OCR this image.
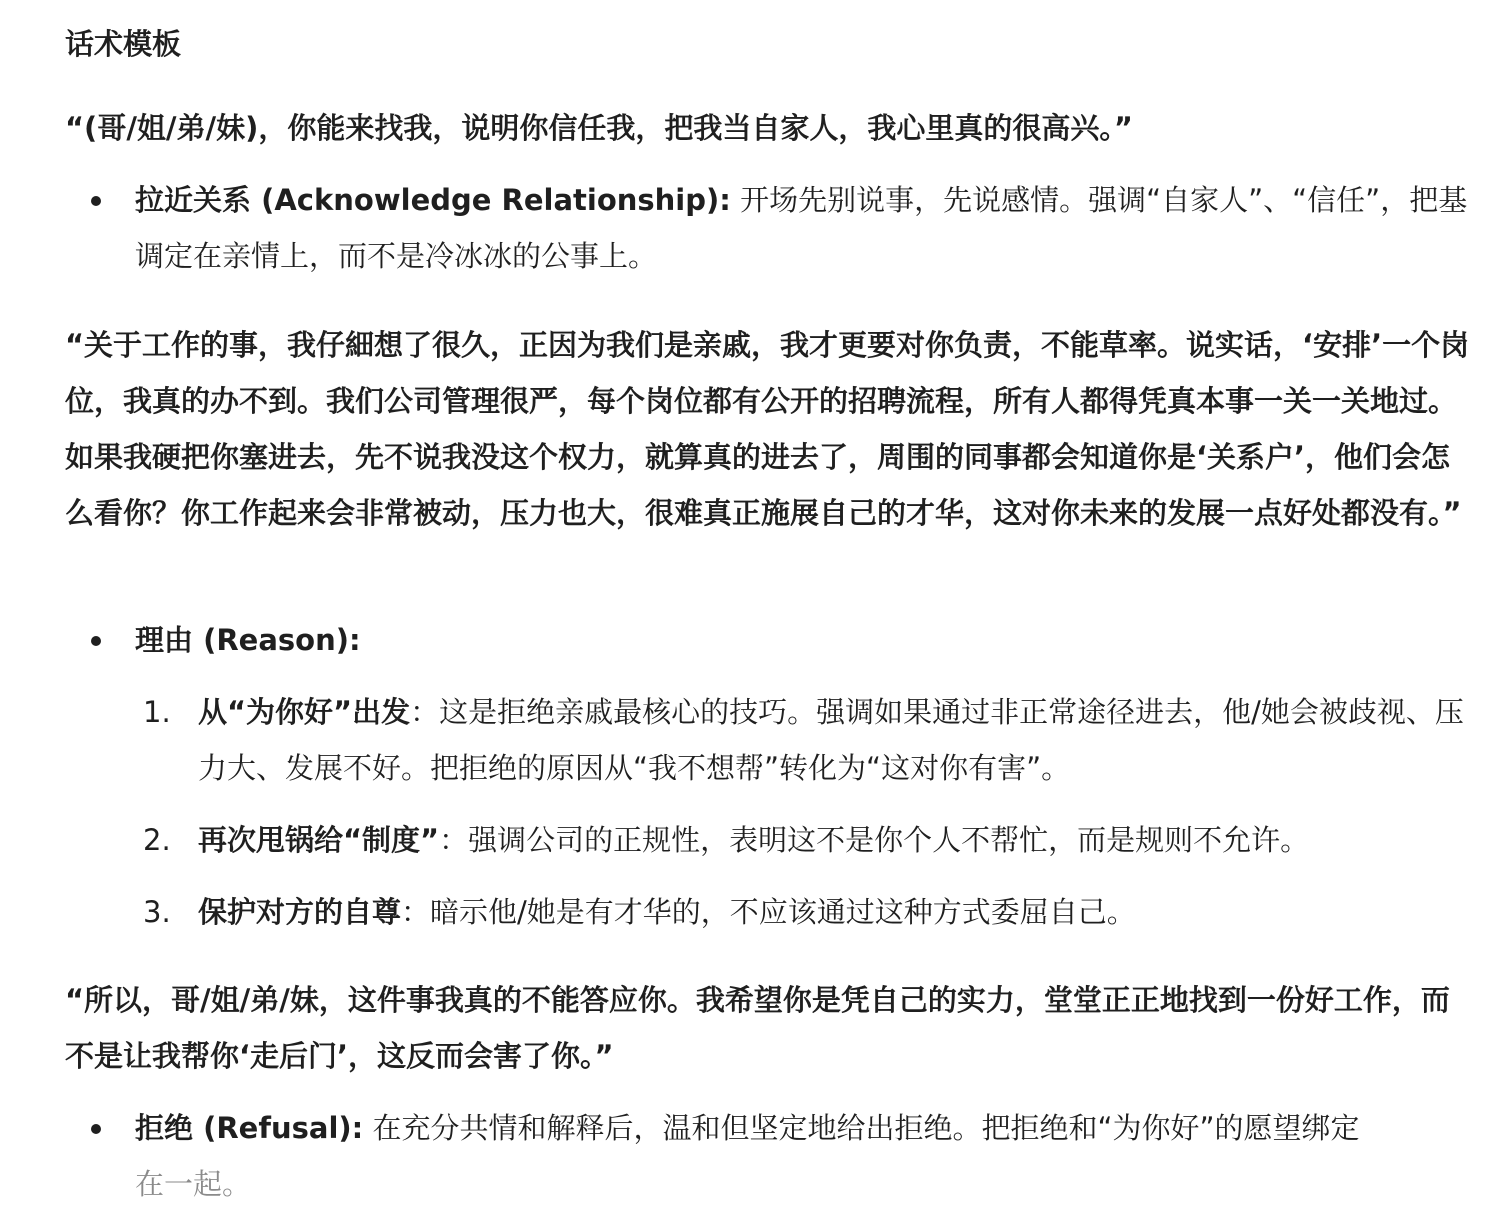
话术模板
“(哥/姐/弟/妹)，你能来找我，说明你信任我，把我当自家人，我心里真的很高兴。”
拉近关系 (Acknowledge Relationship): 开场先别说事，先说感情。强调“自家人”、“信任”，把基调定在亲情上，而不是冷冰冰的公事上。
“关于工作的事，我仔細想了很久，正因为我们是亲戚，我才更要对你负责，不能草率。说实话，‘安排’一个岗位，我真的办不到。我们公司管理很严，每个岗位都有公开的招聘流程，所有人都得凭真本事一关一关地过。如果我硬把你塞进去，先不说我没这个权力，就算真的进去了，周围的同事都会知道你是‘关系户’，他们会怎么看你？你工作起来会非常被动，压力也大，很难真正施展自己的才华，这对你未来的发展一点好处都没有。”
理由 (Reason):
1. 从“为你好”出发：这是拒绝亲戚最核心的技巧。强调如果通过非正常途径进去，他/她会被歧视、压力大、发展不好。把拒绝的原因从“我不想帮”转化为“这对你有害”。
2. 再次甩锅给“制度”：强调公司的正规性，表明这不是你个人不帮忙，而是规则不允许。
3. 保护对方的自尊：暗示他/她是有才华的，不应该通过这种方式委屈自己。
“所以，哥/姐/弟/妹，这件事我真的不能答应你。我希望你是凭自己的实力，堂堂正正地找到一份好工作，而不是让我帮你‘走后门’，这反而会害了你。”
拒绝 (Refusal): 在充分共情和解释后，温和但坚定地给出拒绝。把拒绝和“为你好”的愿望绑定
在一起。
